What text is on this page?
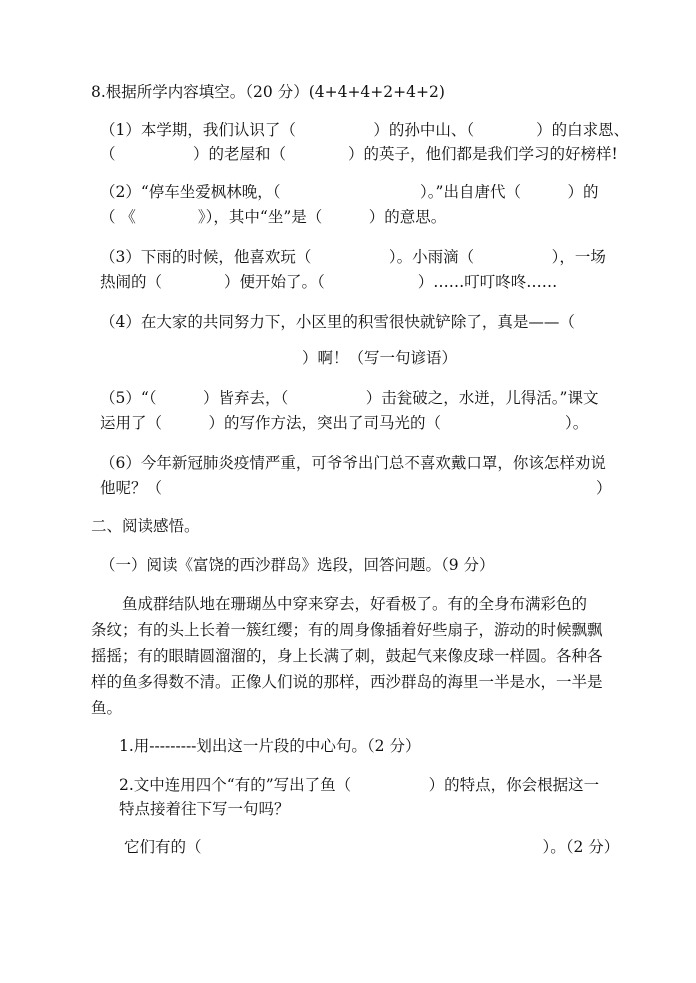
8.根据所学内容填空。（20 分）(4+4+4+2+4+2)

（1）本学期，我们认识了（　　　　　）的孙中山、（　　　　）的白求恩、

（　　　　　）的老屋和（　　　　）的英子，他们都是我们学习的好榜样!

（2）“停车坐爱枫林晚，（　　　　　　　　　）。”出自唐代（　　　）的

（ 《　　　　》），其中“坐”是（　　　）的意思。

（3）下雨的时候，他喜欢玩（　　　　　）。小雨滴（　　　　　），一场

热闹的（　　　　）便开始了。（　　　　　　）……叮叮咚咚……

（4）在大家的共同努力下，小区里的积雪很快就铲除了，真是——（

）啊！（写一句谚语）

（5）“（　　　）皆弃去，（　　　　　）击瓮破之，水迸，儿得活。”课文

运用了（　　　）的写作方法，突出了司马光的（　　　　　　　　）。

（6）今年新冠肺炎疫情严重，可爷爷出门总不喜欢戴口罩，你该怎样劝说

他呢？（　　　　　　　　　　　　　　　　　　　　　　　　　　　　）

二、阅读感悟。

（一）阅读《富饶的西沙群岛》选段，回答问题。（9 分）

　　鱼成群结队地在珊瑚丛中穿来穿去，好看极了。有的全身布满彩色的

条纹；有的头上长着一簇红缨；有的周身像插着好些扇子，游动的时候飘飘

摇摇；有的眼睛圆溜溜的，身上长满了刺，鼓起气来像皮球一样圆。各种各

样的鱼多得数不清。正像人们说的那样，西沙群岛的海里一半是水，一半是

鱼。

1.用---------划出这一片段的中心句。（2 分）

2.文中连用四个“有的”写出了鱼（　　　　　）的特点，你会根据这一

特点接着往下写一句吗？

它们有的（　　　　　　　　　　　　　　　　　　　　　　）。（2 分）
